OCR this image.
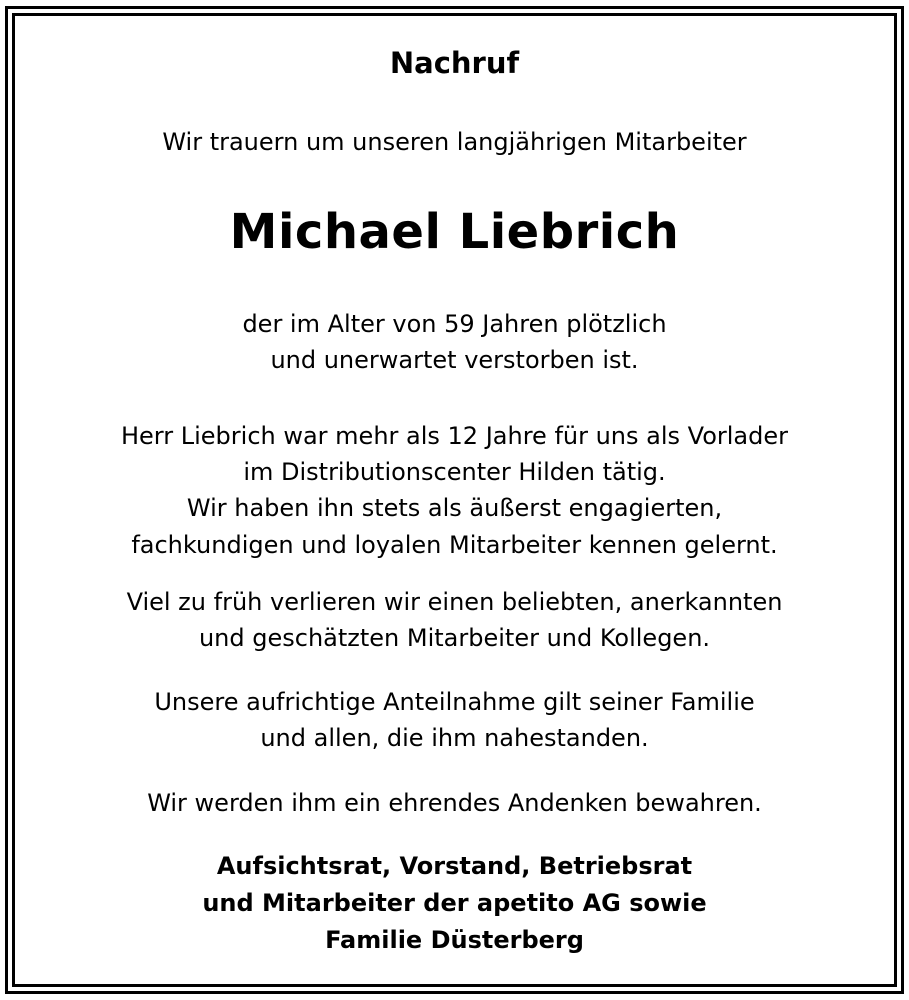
Nachruf
Wir trauern um unseren langjährigen Mitarbeiter
Michael Liebrich
der im Alter von 59 Jahren plötzlich
und unerwartet verstorben ist.
Herr Liebrich war mehr als 12 Jahre für uns als Vorlader
im Distributionscenter Hilden tätig.
Wir haben ihn stets als äußerst engagierten,
fachkundigen und loyalen Mitarbeiter kennen gelernt.
Viel zu früh verlieren wir einen beliebten, anerkannten
und geschätzten Mitarbeiter und Kollegen.
Unsere aufrichtige Anteilnahme gilt seiner Familie
und allen, die ihm nahestanden.
Wir werden ihm ein ehrendes Andenken bewahren.
Aufsichtsrat, Vorstand, Betriebsrat
und Mitarbeiter der apetito AG sowie
Familie Düsterberg
